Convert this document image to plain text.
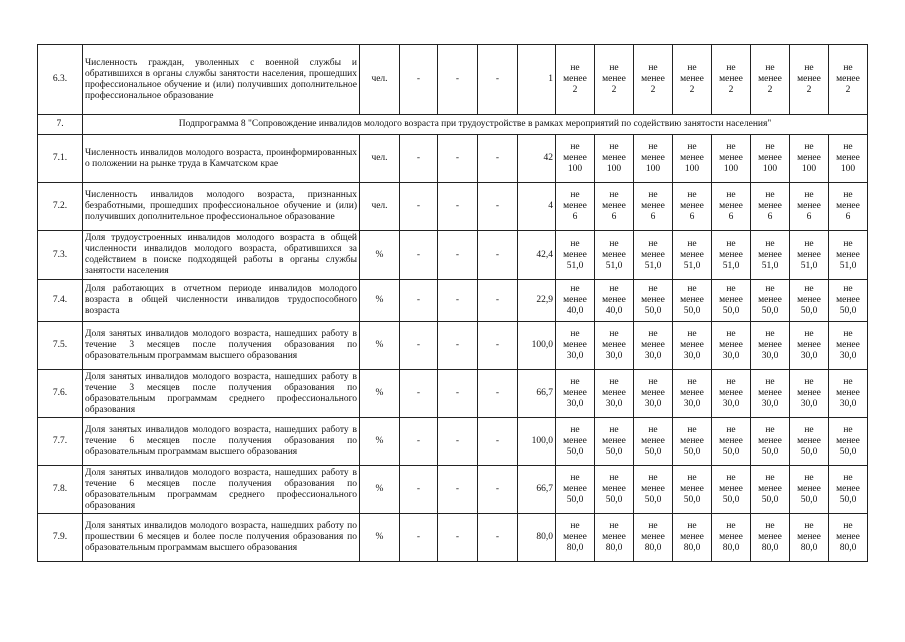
6.3.	Численность граждан, уволенных с военной службы и обратившихся в органы службы занятости населения, прошедших профессиональное обучение и (или) получивших дополнительное профессиональное образование	чел.	-	-	-	1	не
менее
2	не
менее
2	не
менее
2	не
менее
2	не
менее
2	не
менее
2	не
менее
2	не
менее
2

7.	Подпрограмма 8 "Сопровождение инвалидов молодого возраста при трудоустройстве в рамках мероприятий по содействию занятости населения"													
7.1.	Численность инвалидов молодого возраста, проинформированных о положении на рынке труда в Камчатском крае	чел.	-	-	-	42	не
менее
100	не
менее
100	не
менее
100	не
менее
100	не
менее
100	не
менее
100	не
менее
100	не
менее
100

7.2.	Численность инвалидов молодого возраста, признанных безработными, прошедших профессиональное обучение и (или) получивших дополнительное профессиональное образование	чел.	-	-	-	4	не
менее
6	не
менее
6	не
менее
6	не
менее
6	не
менее
6	не
менее
6	не
менее
6	не
менее
6

7.3.	Доля трудоустроенных инвалидов молодого возраста в общей численности инвалидов молодого возраста, обратившихся за содействием в поиске подходящей работы в органы службы занятости населения	%	-	-	-	42,4	не
менее
51,0	не
менее
51,0	не
менее
51,0	не
менее
51,0	не
менее
51,0	не
менее
51,0	не
менее
51,0	не
менее
51,0

7.4.	Доля работающих в отчетном периоде инвалидов молодого возраста в общей численности инвалидов трудоспособного возраста	%	-	-	-	22,9	не
менее
40,0	не
менее
40,0	не
менее
50,0	не
менее
50,0	не
менее
50,0	не
менее
50,0	не
менее
50,0	не
менее
50,0

7.5.	Доля занятых инвалидов молодого возраста, нашедших работу в течение 3 месяцев после получения образования по образовательным программам высшего образования	%	-	-	-	100,0	не
менее
30,0	не
менее
30,0	не
менее
30,0	не
менее
30,0	не
менее
30,0	не
менее
30,0	не
менее
30,0	не
менее
30,0

7.6.	Доля занятых инвалидов молодого возраста, нашедших работу в течение 3 месяцев после получения образования по образовательным программам среднего профессионального образования	%	-	-	-	66,7	не
менее
30,0	не
менее
30,0	не
менее
30,0	не
менее
30,0	не
менее
30,0	не
менее
30,0	не
менее
30,0	не
менее
30,0

7.7.	Доля занятых инвалидов молодого возраста, нашедших работу в течение 6 месяцев после получения образования по образовательным программам высшего образования	%	-	-	-	100,0	не
менее
50,0	не
менее
50,0	не
менее
50,0	не
менее
50,0	не
менее
50,0	не
менее
50,0	не
менее
50,0	не
менее
50,0

7.8.	Доля занятых инвалидов молодого возраста, нашедших работу в течение 6 месяцев после получения образования по образовательным программам среднего профессионального образования	%	-	-	-	66,7	не
менее
50,0	не
менее
50,0	не
менее
50,0	не
менее
50,0	не
менее
50,0	не
менее
50,0	не
менее
50,0	не
менее
50,0

7.9.	Доля занятых инвалидов молодого возраста, нашедших работу по прошествии 6 месяцев и более после получения образования по образовательным программам высшего образования	%	-	-	-	80,0	не
менее
80,0	не
менее
80,0	не
менее
80,0	не
менее
80,0	не
менее
80,0	не
менее
80,0	не
менее
80,0	не
менее
80,0
